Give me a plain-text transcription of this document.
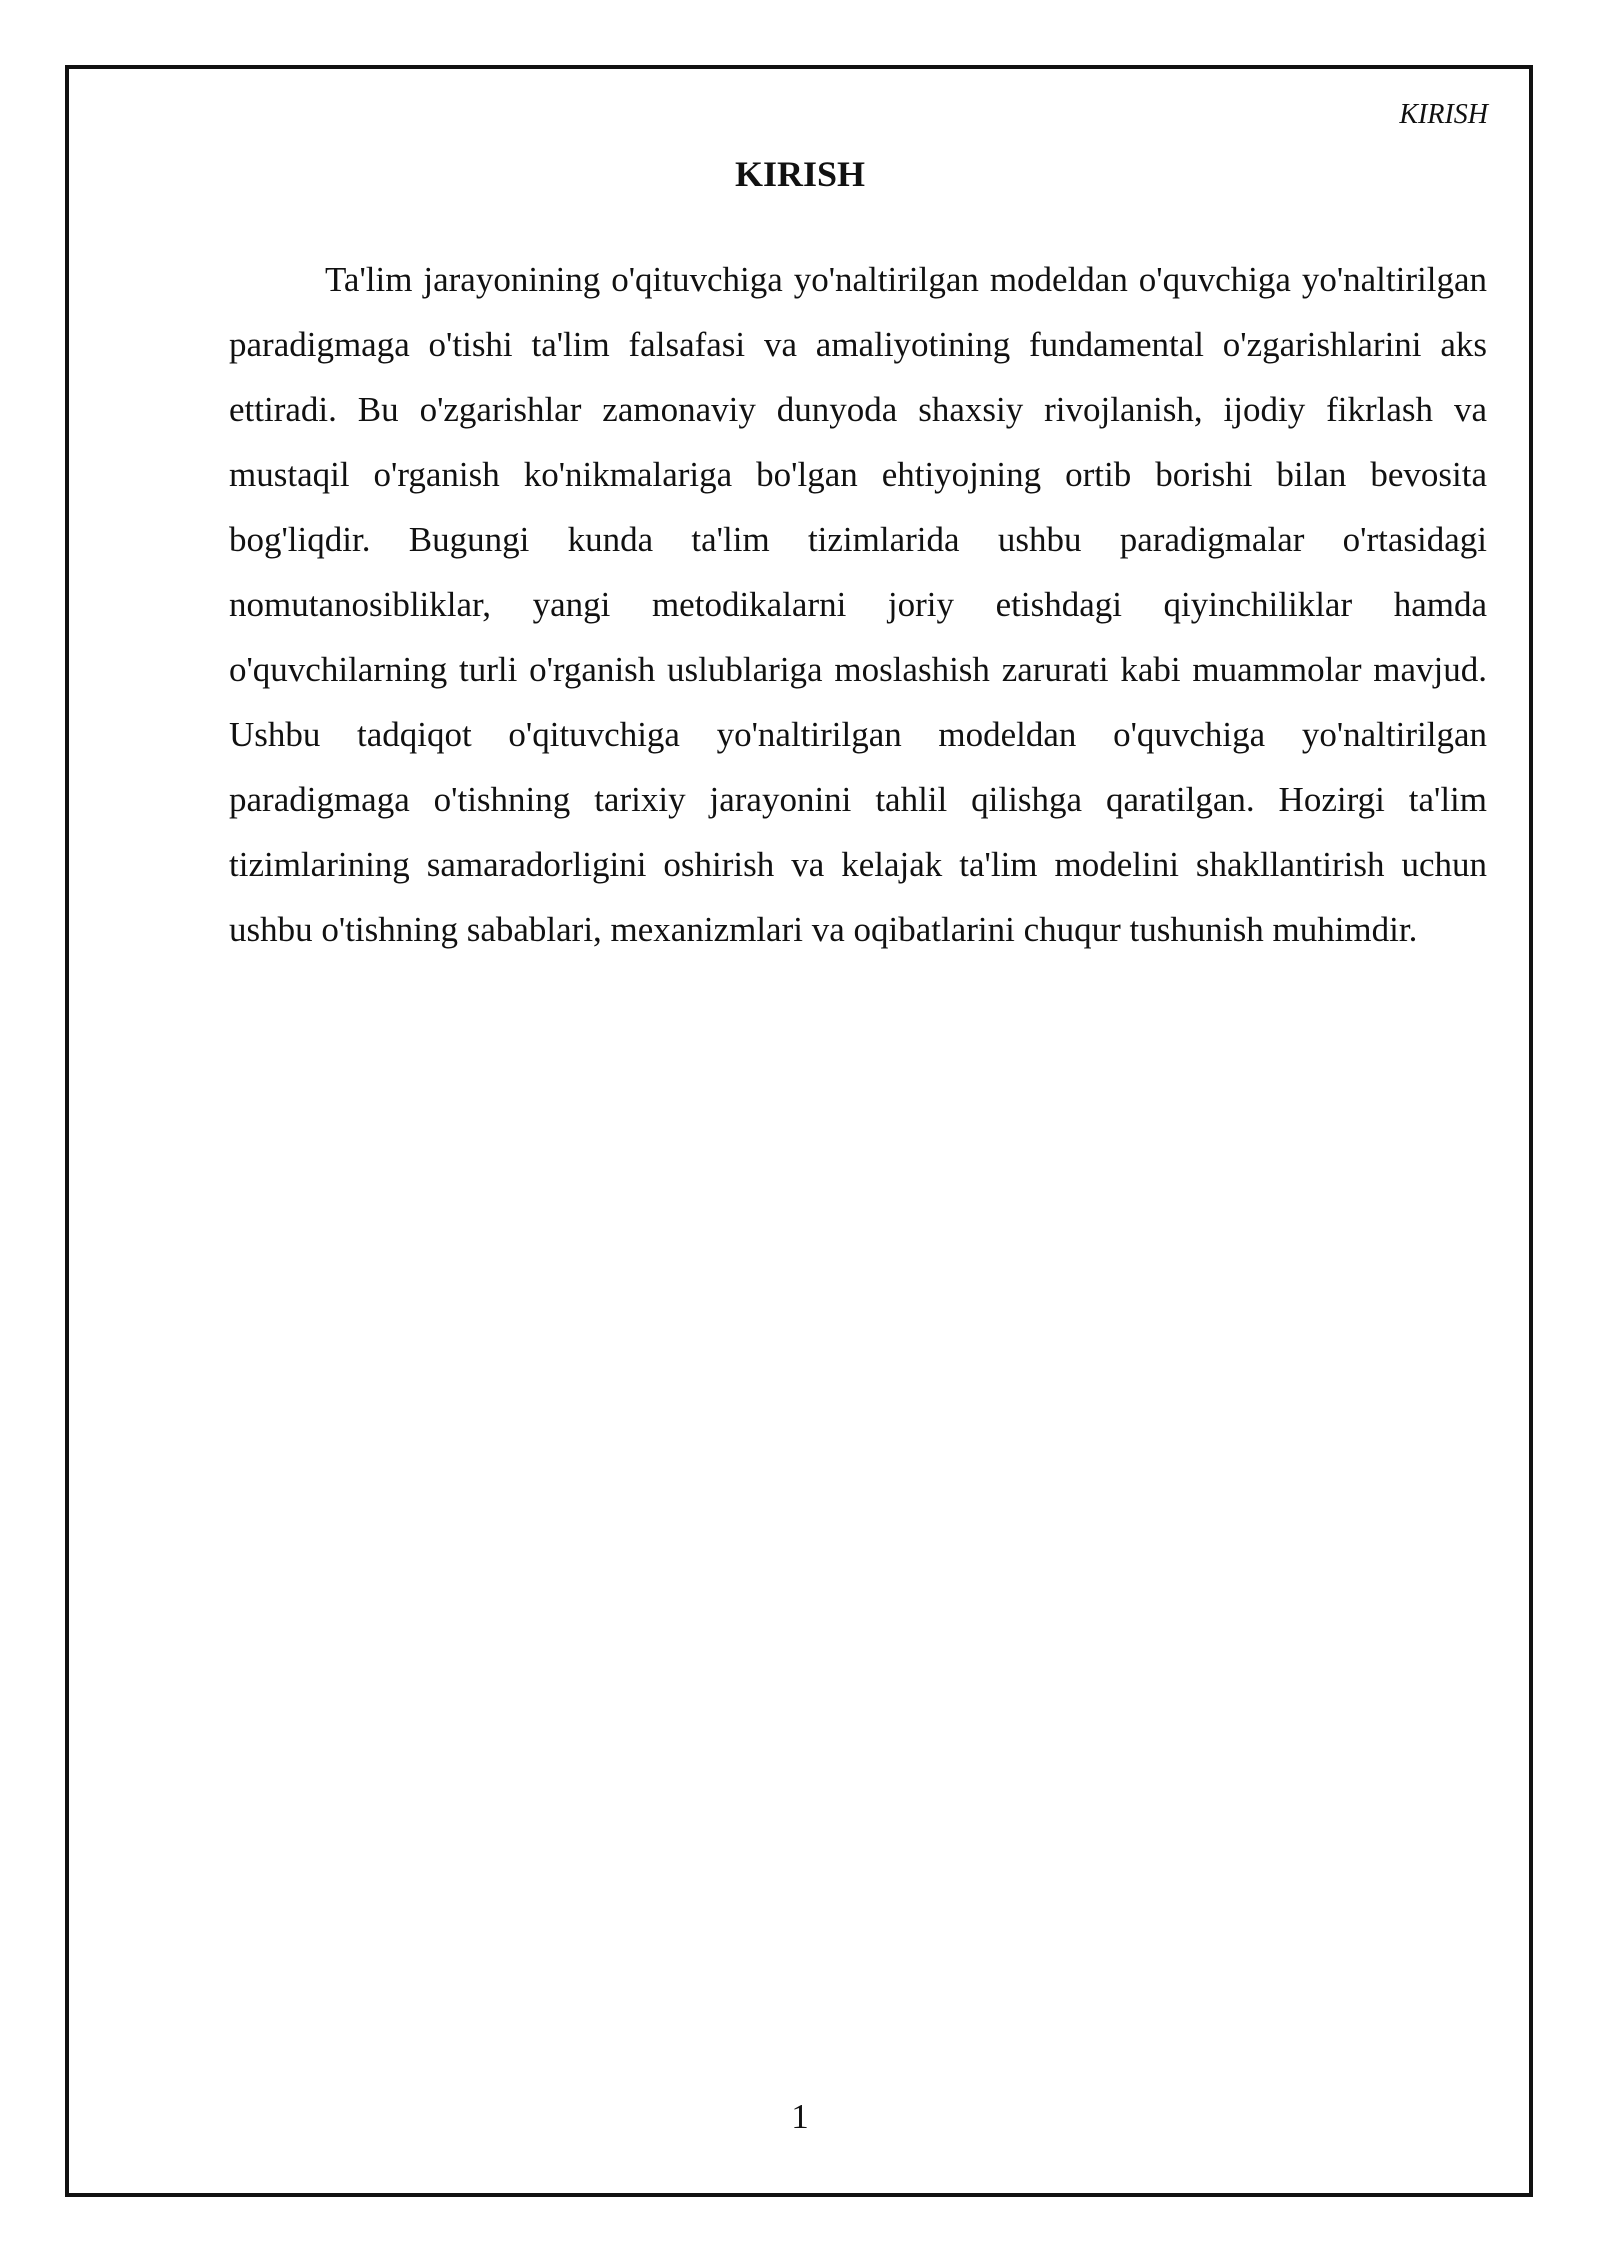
KIRISH
KIRISH

Ta'lim jarayonining o'qituvchiga yo'naltirilgan modeldan o'quvchiga yo'naltirilgan paradigmaga o'tishi ta'lim falsafasi va amaliyotining fundamental o'zgarishlarini aks ettiradi. Bu o'zgarishlar zamonaviy dunyoda shaxsiy rivojlanish, ijodiy fikrlash va mustaqil o'rganish ko'nikmalariga bo'lgan ehtiyojning ortib borishi bilan bevosita bog'liqdir. Bugungi kunda ta'lim tizimlarida ushbu paradigmalar o'rtasidagi nomutanosibliklar, yangi metodikalarni joriy etishdagi qiyinchiliklar hamda o'quvchilarning turli o'rganish uslublariga moslashish zarurati kabi muammolar mavjud. Ushbu tadqiqot o'qituvchiga yo'naltirilgan modeldan o'quvchiga yo'naltirilgan paradigmaga o'tishning tarixiy jarayonini tahlil qilishga qaratilgan. Hozirgi ta'lim tizimlarining samaradorligini oshirish va kelajak ta'lim modelini shakllantirish uchun ushbu o'tishning sabablari, mexanizmlari va oqibatlarini chuqur tushunish muhimdir.

1
